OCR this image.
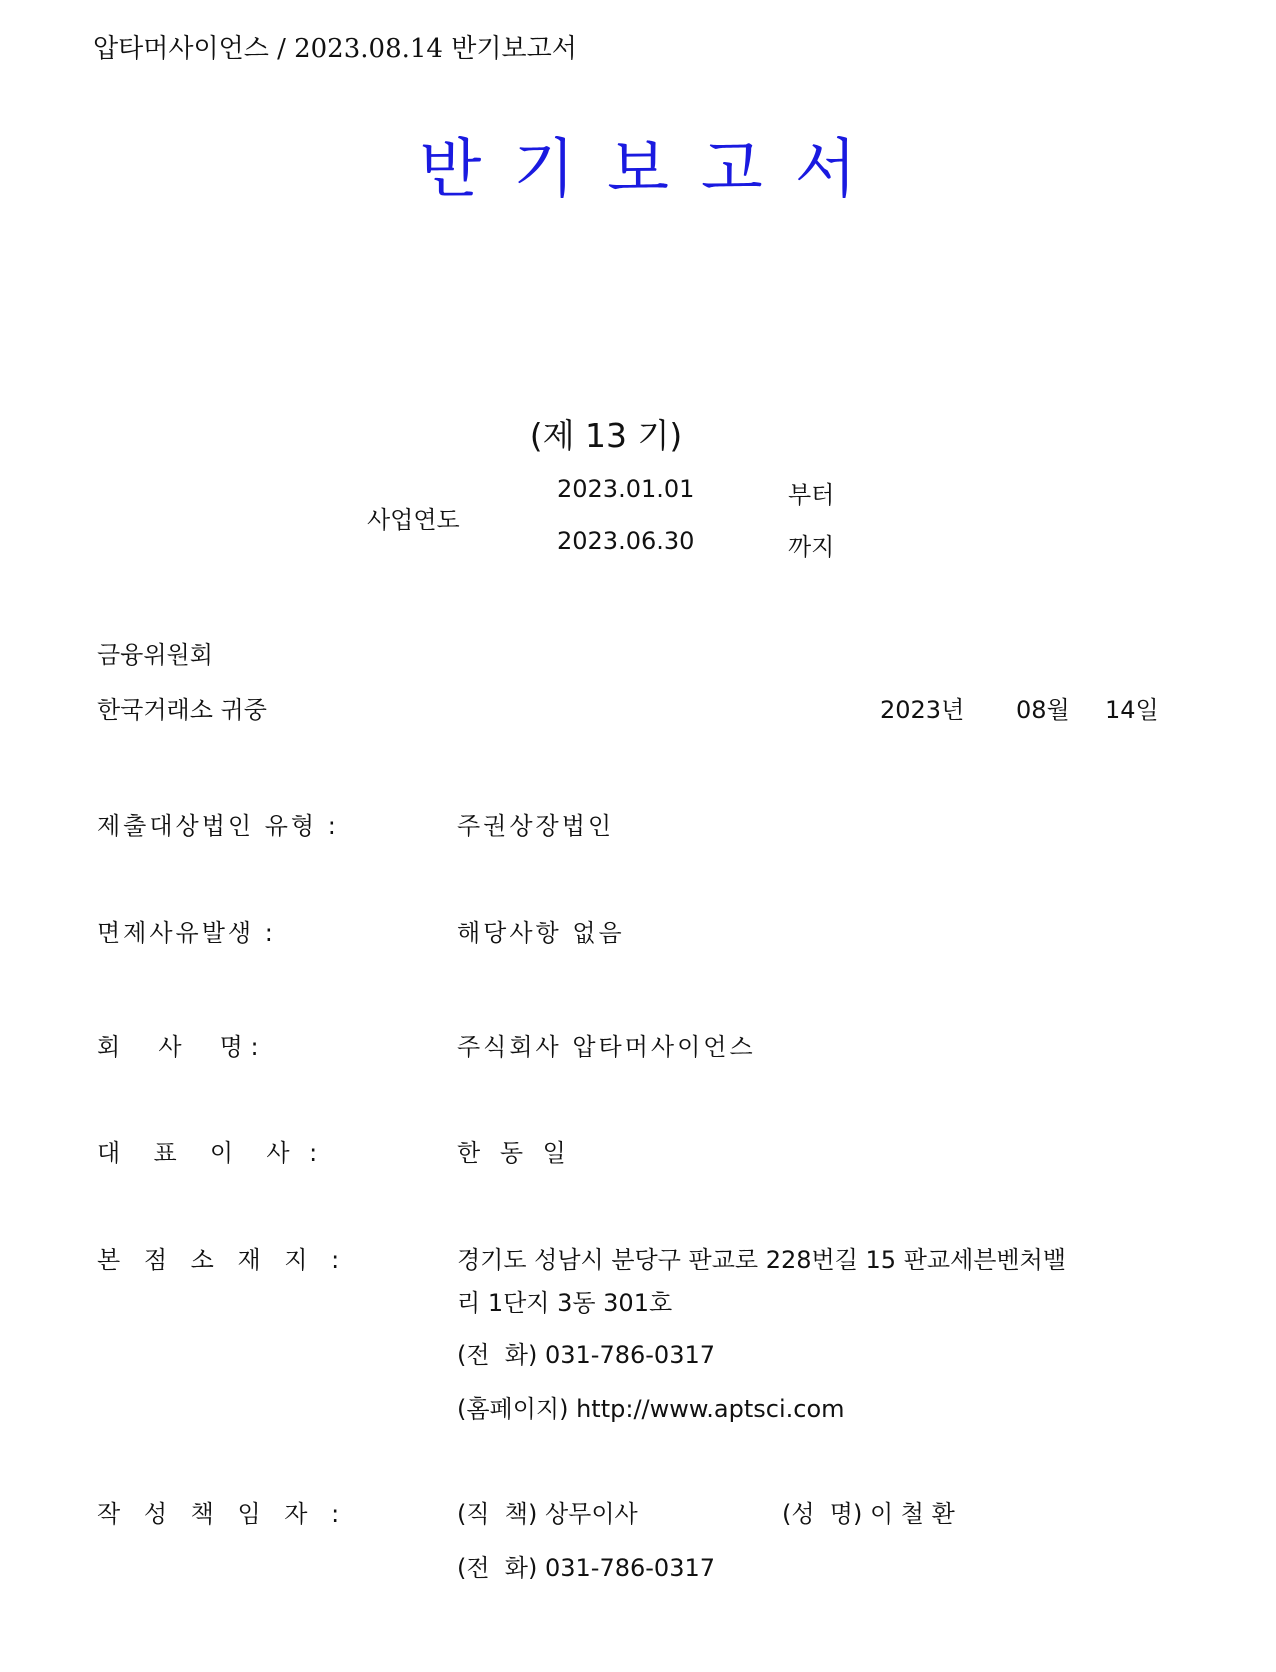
압타머사이언스 / 2023.08.14 반기보고서
반기보고서
(제 13 기)
사업연도
2023.01.01	부터
2023.06.30	까지
금융위원회
한국거래소 귀중	2023년 08월 14일
제출대상법인 유형 :	주권상장법인
면제사유발생 :	해당사항 없음
회     사     명 :	주식회사 압타머사이언스
대  표  이  사 :	한 동 일
본 점 소 재 지 :	경기도 성남시 분당구 판교로 228번길 15 판교세븐벤처밸
리 1단지 3동 301호
(전  화) 031-786-0317
(홈페이지) http://www.aptsci.com
작 성 책 임 자 :	(직  책) 상무이사	(성  명) 이 철 환
(전  화) 031-786-0317
